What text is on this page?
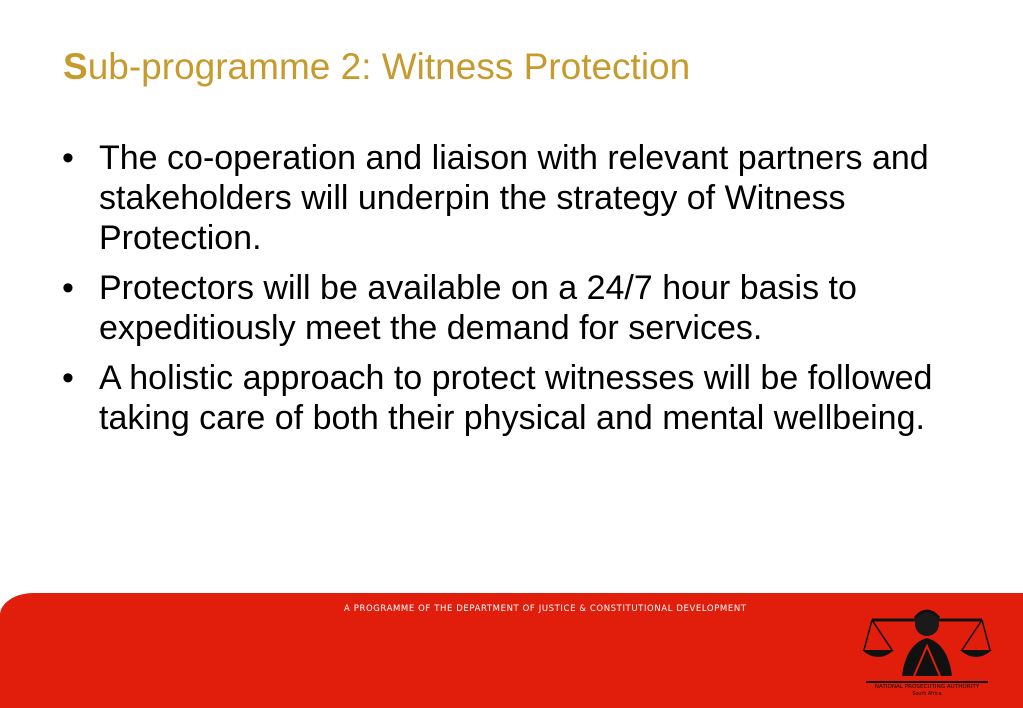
Sub-programme 2: Witness Protection
• The co-operation and liaison with relevant partners and stakeholders will underpin the strategy of Witness Protection.
• Protectors will be available on a 24/7 hour basis to expeditiously meet the demand for services.
• A holistic approach to protect witnesses will be followed taking care of both their physical and mental wellbeing.
A PROGRAMME OF THE DEPARTMENT OF JUSTICE & CONSTITUTIONAL DEVELOPMENT
NATIONAL PROSECUTING AUTHORITY
South Africa
